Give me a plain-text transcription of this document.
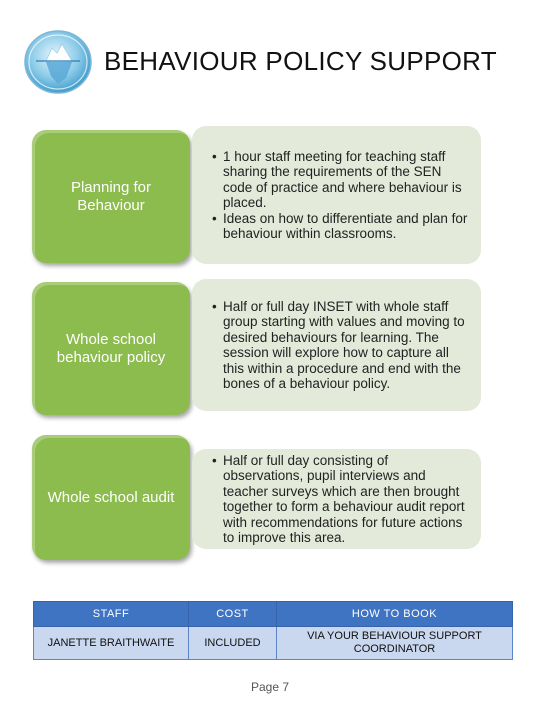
BEHAVIOUR POLICY SUPPORT
Planning for Behaviour
• 1 hour staff meeting for teaching staff sharing the requirements of the SEN code of practice and where behaviour is placed.
• Ideas on how to differentiate and plan for behaviour within classrooms.
Whole school behaviour policy
• Half or full day INSET with whole staff group starting with values and moving to desired behaviours for learning. The session will explore how to capture all this within a procedure and end with the bones of a behaviour policy.
Whole school audit
• Half or full day consisting of observations, pupil interviews and teacher surveys which are then brought together to form a behaviour audit report with recommendations for future actions to improve this area.
STAFF	COST	HOW TO BOOK
JANETTE BRAITHWAITE	INCLUDED	VIA YOUR BEHAVIOUR SUPPORT COORDINATOR
Page 7
